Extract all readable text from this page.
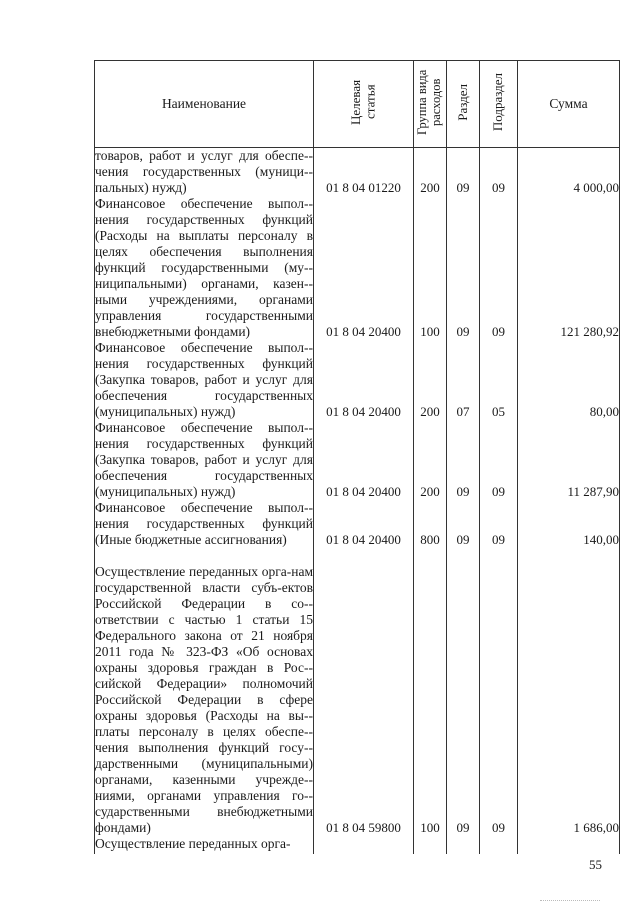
Наименование	Целевая статья	Группа вида расходов	Раздел	Подраздел	Сумма
товаров, работ и услуг для обеспе-чения государственных (муници-пальных) нужд)	01 8 04 01220	200	09	09	4 000,00
Финансовое обеспечение выпол-нения государственных функций (Расходы на выплаты персоналу в целях обеспечения выполнения функций государственными (му-ниципальными) органами, казен-ными учреждениями, органами управления государственными внебюджетными фондами)	01 8 04 20400	100	09	09	121 280,92
Финансовое обеспечение выпол-нения государственных функций (Закупка товаров, работ и услуг для обеспечения государственных (муниципальных) нужд)	01 8 04 20400	200	07	05	80,00
Финансовое обеспечение выпол-нения государственных функций (Закупка товаров, работ и услуг для обеспечения государственных (муниципальных) нужд)	01 8 04 20400	200	09	09	11 287,90
Финансовое обеспечение выпол-нения государственных функций (Иные бюджетные ассигнования)	01 8 04 20400	800	09	09	140,00
Осуществление переданных орга-нам государственной власти субъ-ектов Российской Федерации в со-ответствии с частью 1 статьи 15 Федерального закона от 21 ноября 2011 года № 323-ФЗ «Об основах охраны здоровья граждан в Рос-сийской Федерации» полномочий Российской Федерации в сфере охраны здоровья (Расходы на вы-платы персоналу в целях обеспе-чения выполнения функций госу-дарственными (муниципальными) органами, казенными учрежде-ниями, органами управления го-сударственными внебюджетными фондами)	01 8 04 59800	100	09	09	1 686,00
Осуществление переданных орга-					
55
